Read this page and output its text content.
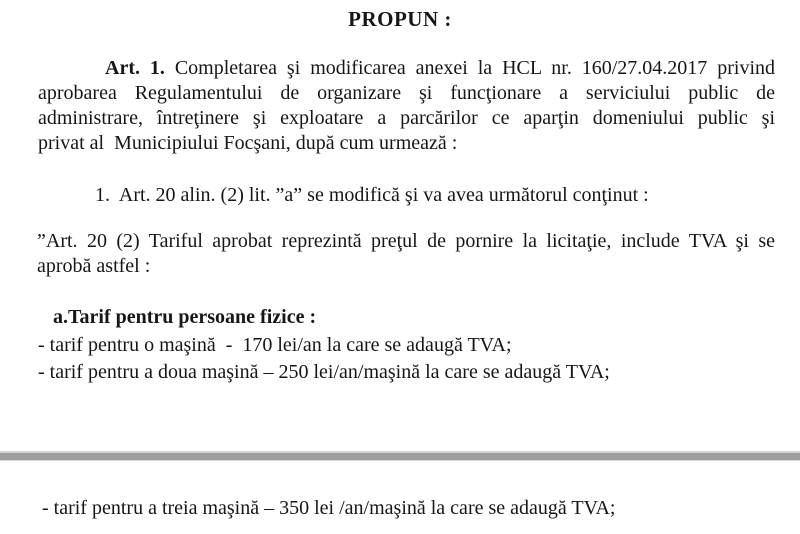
PROPUN :
Art. 1. Completarea şi modificarea anexei la HCL nr. 160/27.04.2017 privind
aprobarea Regulamentului de organizare şi funcţionare a serviciului public de
administrare, întreţinere şi exploatare a parcărilor ce aparţin domeniului public şi
privat al  Municipiului Focşani, după cum urmează :
1.  Art. 20 alin. (2) lit. ”a” se modifică şi va avea următorul conţinut :
”Art. 20 (2) Tariful aprobat reprezintă preţul de pornire la licitaţie, include TVA şi se
aprobă astfel :
a.Tarif pentru persoane fizice :
- tarif pentru o maşină  -  170 lei/an la care se adaugă TVA;
- tarif pentru a doua maşină – 250 lei/an/maşină la care se adaugă TVA;
- tarif pentru a treia maşină – 350 lei /an/maşină la care se adaugă TVA;
